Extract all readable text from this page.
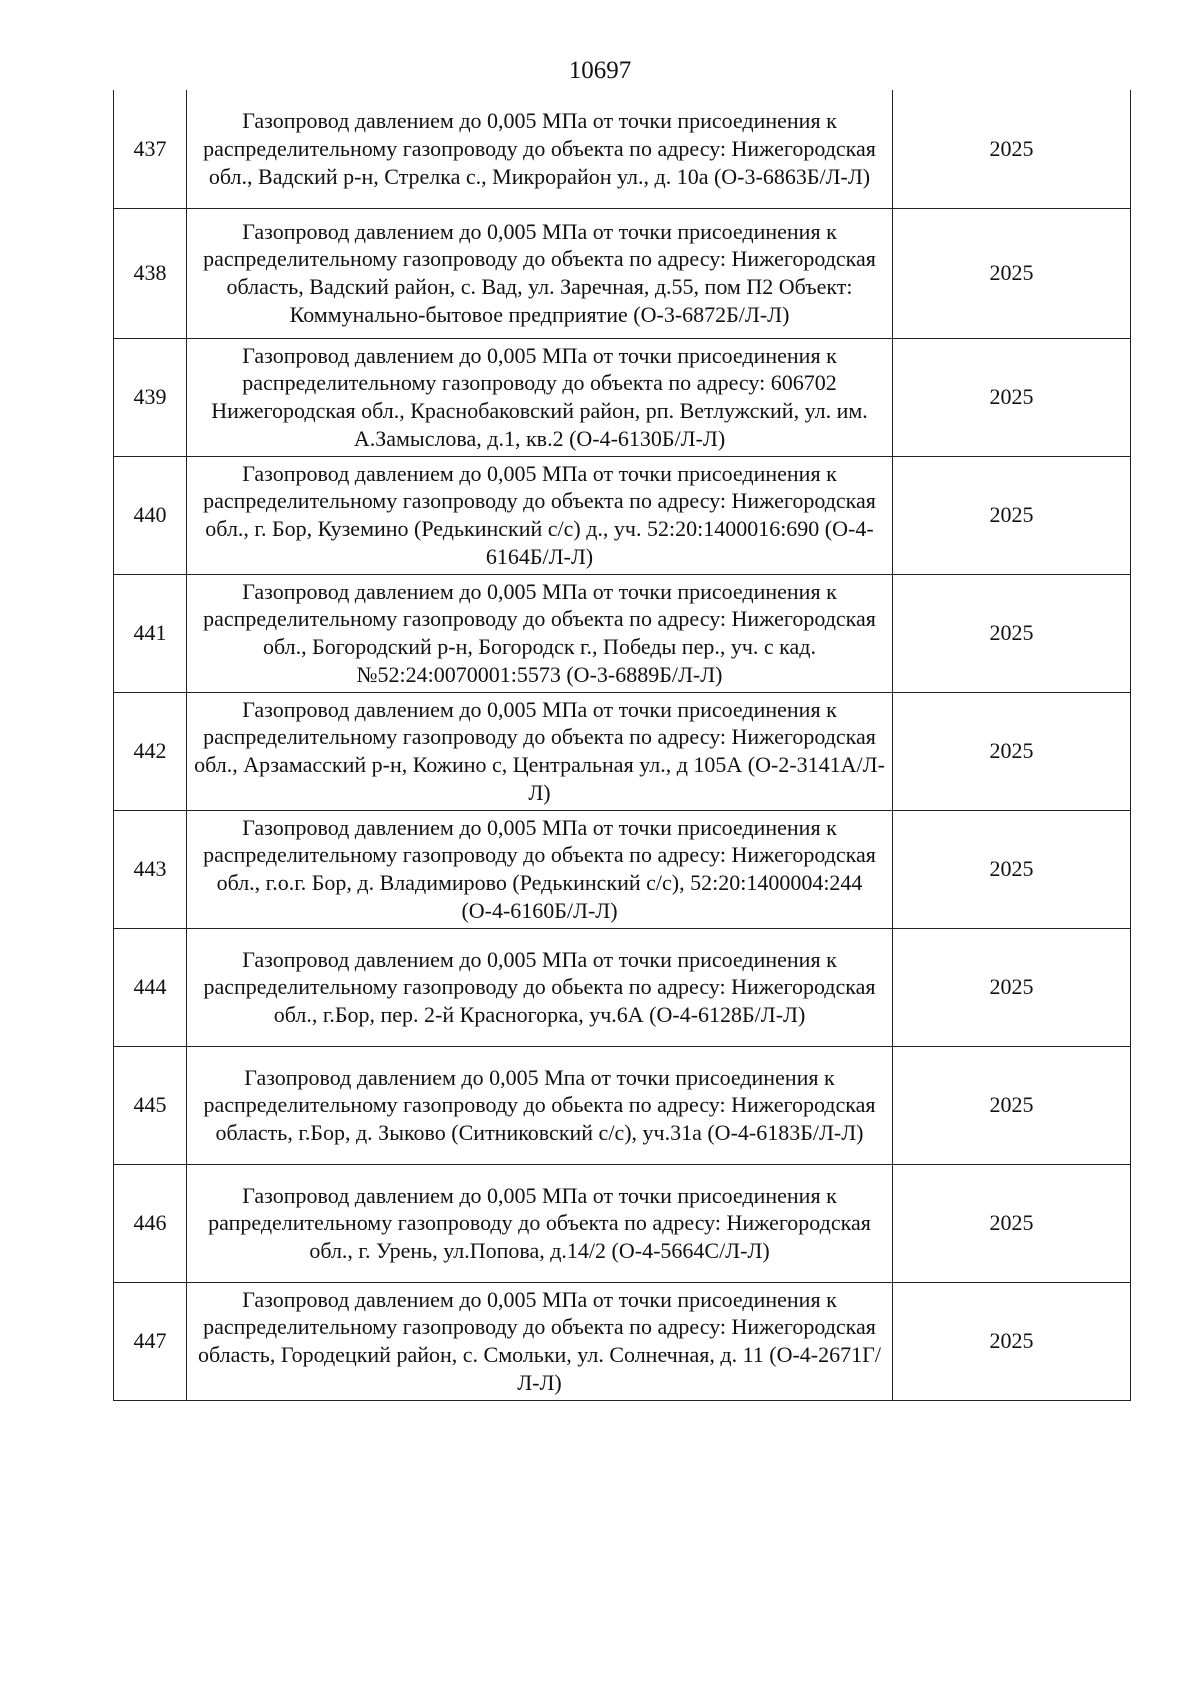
10697
437	Газопровод давлением до 0,005 МПа от точки присоединения к распределительному газопроводу до объекта по адресу: Нижегородская обл., Вадский р-н, Стрелка с., Микрорайон ул., д. 10а (О-3-6863Б/Л-Л)	2025
438	Газопровод давлением до 0,005 МПа от точки присоединения к распределительному газопроводу до объекта по адресу: Нижегородская область, Вадский район, с. Вад, ул. Заречная, д.55, пом П2 Объект: Коммунально-бытовое предприятие (О-3-6872Б/Л-Л)	2025
439	Газопровод давлением до 0,005 МПа от точки присоединения к распределительному газопроводу до объекта по адресу: 606702 Нижегородская обл., Краснобаковский район, рп. Ветлужский, ул. им. А.Замыслова, д.1, кв.2 (О-4-6130Б/Л-Л)	2025
440	Газопровод давлением до 0,005 МПа от точки присоединения к распределительному газопроводу до объекта по адресу: Нижегородская обл., г. Бор, Куземино (Редькинский с/с) д., уч. 52:20:1400016:690 (О-4-6164Б/Л-Л)	2025
441	Газопровод давлением до 0,005 МПа от точки присоединения к распределительному газопроводу до объекта по адресу: Нижегородская обл., Богородский р-н, Богородск г., Победы пер., уч. с кад. №52:24:0070001:5573 (О-3-6889Б/Л-Л)	2025
442	Газопровод давлением до 0,005 МПа от точки присоединения к распределительному газопроводу до объекта по адресу: Нижегородская обл., Арзамасский р-н, Кожино с, Центральная ул., д 105А (О-2-3141А/Л-Л)	2025
443	Газопровод давлением до 0,005 МПа от точки присоединения к распределительному газопроводу до объекта по адресу: Нижегородская обл., г.о.г. Бор, д. Владимирово (Редькинский с/с), 52:20:1400004:244 (О-4-6160Б/Л-Л)	2025
444	Газопровод давлением до 0,005 МПа от точки присоединения к распределительному газопроводу до обьекта по адресу: Нижегородская обл., г.Бор, пер. 2-й Красногорка, уч.6А (О-4-6128Б/Л-Л)	2025
445	Газопровод давлением до 0,005 Мпа от точки присоединения к распределительному газопроводу до обьекта по адресу: Нижегородская область, г.Бор, д. Зыково (Ситниковский с/с), уч.31а (О-4-6183Б/Л-Л)	2025
446	Газопровод давлением до 0,005 МПа от точки присоединения к рапределительному газопроводу до объекта по адресу: Нижегородская обл., г. Урень, ул.Попова, д.14/2 (О-4-5664С/Л-Л)	2025
447	Газопровод давлением до 0,005 МПа от точки присоединения к распределительному газопроводу до объекта по адресу: Нижегородская область, Городецкий район, с. Смольки, ул. Солнечная, д. 11 (О-4-2671Г/Л-Л)	2025
